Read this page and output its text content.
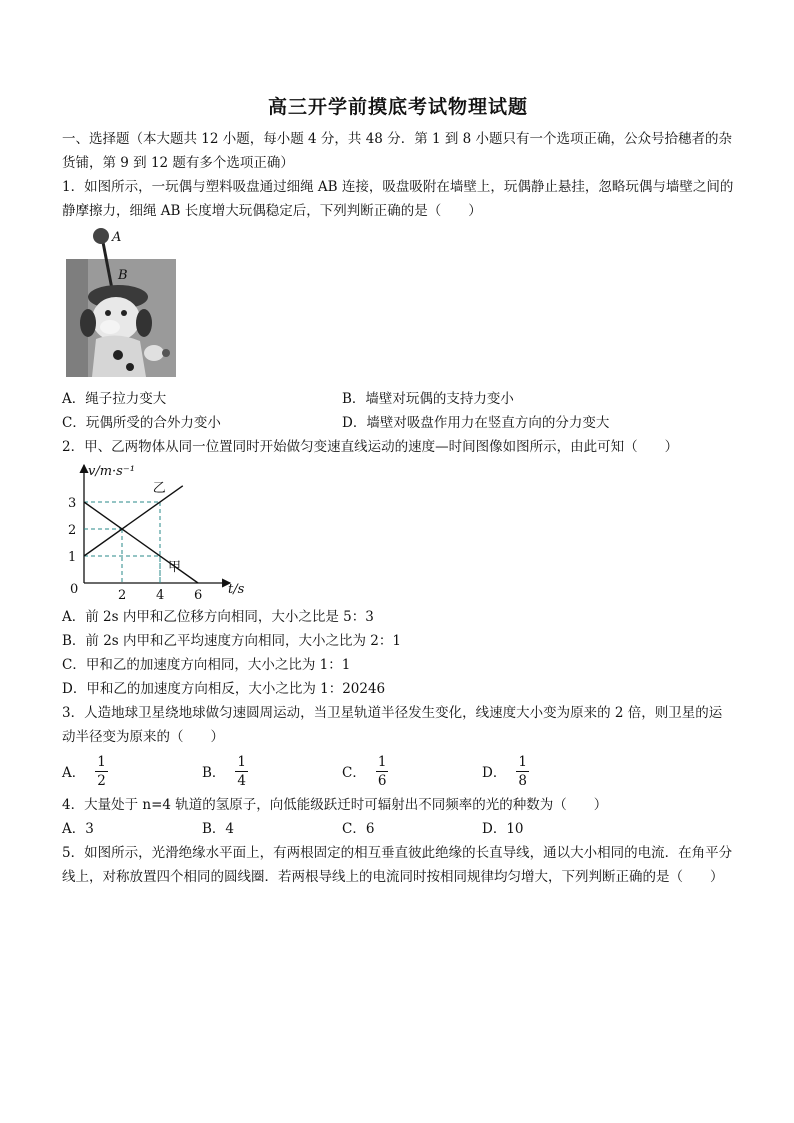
高三开学前摸底考试物理试题

一、选择题（本大题共 12 小题，每小题 4 分，共 48 分．第 1 到 8 小题只有一个选项正确，公众号拾穗者的杂货铺，第 9 到 12 题有多个选项正确）

1．如图所示，一玩偶与塑料吸盘通过细绳 AB 连接，吸盘吸附在墙壁上，玩偶静止悬挂，忽略玩偶与墙壁之间的静摩擦力，细绳 AB 长度增大玩偶稳定后，下列判断正确的是（　　）

A
B
A．绳子拉力变大	B．墙壁对玩偶的支持力变小
C．玩偶所受的合外力变小	D．墙壁对吸盘作用力在竖直方向的分力变大

2．甲、乙两物体从同一位置同时开始做匀变速直线运动的速度—时间图像如图所示，由此可知（　　）

甲
乙
2 4 6
1
2
3
v/m·s⁻¹
t/s
0

A．前 2s 内甲和乙位移方向相同，大小之比是 5：3

B．前 2s 内甲和乙平均速度方向相同，大小之比为 2：1

C．甲和乙的加速度方向相同，大小之比为 1：1

D．甲和乙的加速度方向相反，大小之比为 1：20246

3．人造地球卫星绕地球做匀速圆周运动，当卫星轨道半径发生变化，线速度大小变为原来的 2 倍，则卫星的运动半径变为原来的（　　）

A． $\frac{1}{2}$	B． $\frac{1}{4}$	C． $\frac{1}{6}$	D． $\frac{1}{8}$

4．大量处于 n=4 轨道的氢原子，向低能级跃迁时可辐射出不同频率的光的种数为（　　）

A．3	B．4	C．6	D．10

5．如图所示，光滑绝缘水平面上，有两根固定的相互垂直彼此绝缘的长直导线，通以大小相同的电流．在角平分线上，对称放置四个相同的圆线圈．若两根导线上的电流同时按相同规律均匀增大，下列判断正确的是（　　）
